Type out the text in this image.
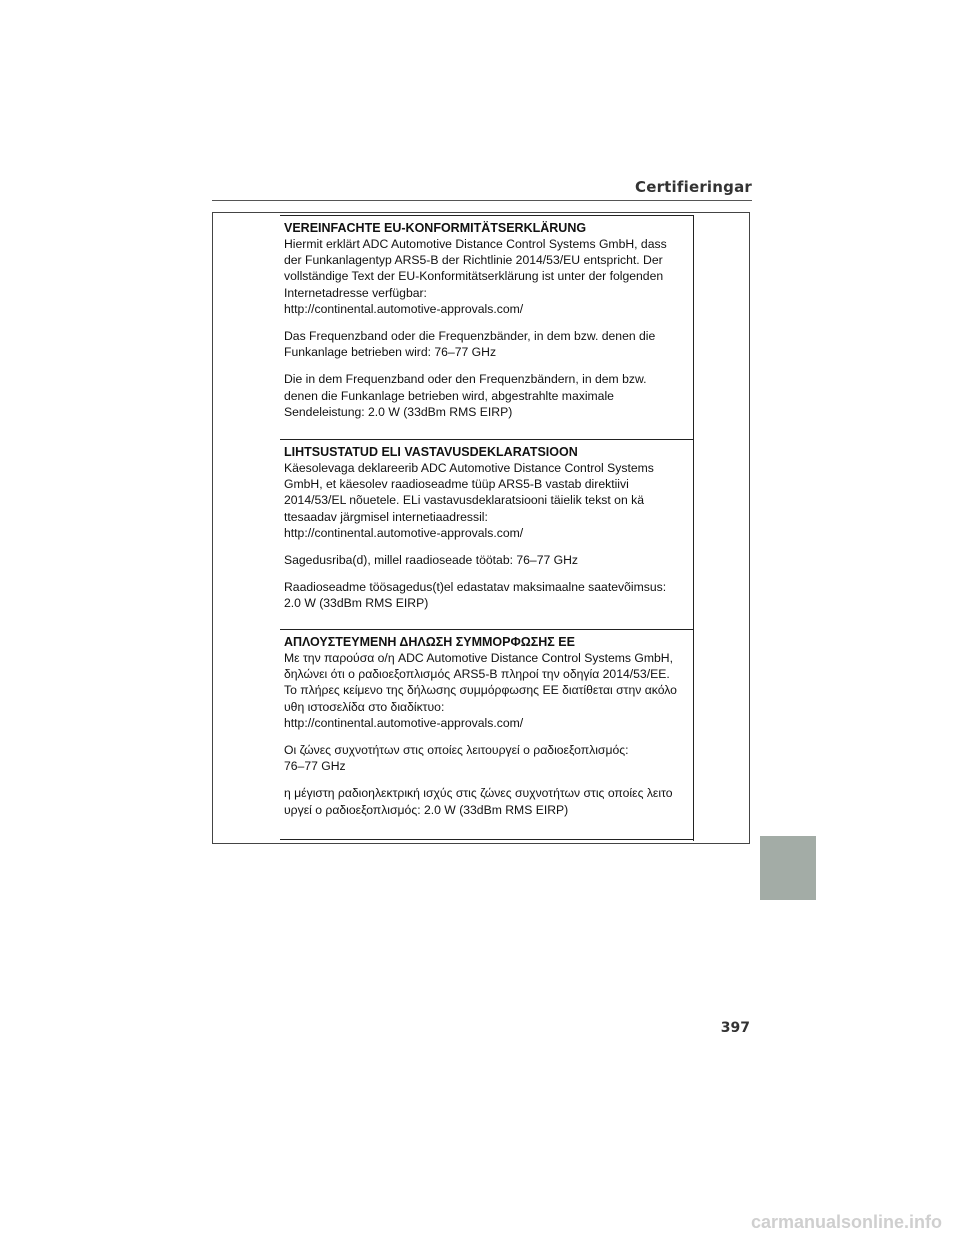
Certifieringar
VEREINFACHTE EU-KONFORMITÄTSERKLÄRUNG
Hiermit erklärt ADC Automotive Distance Control Systems GmbH, dass
der Funkanlagentyp ARS5-B der Richtlinie 2014/53/EU entspricht. Der
vollständige Text der EU-Konformitätserklärung ist unter der folgenden
Internetadresse verfügbar:
http://continental.automotive-approvals.com/
Das Frequenzband oder die Frequenzbänder, in dem bzw. denen die
Funkanlage betrieben wird: 76–77 GHz
Die in dem Frequenzband oder den Frequenzbändern, in dem bzw.
denen die Funkanlage betrieben wird, abgestrahlte maximale
Sendeleistung: 2.0 W (33dBm RMS EIRP)
LIHTSUSTATUD ELI VASTAVUSDEKLARATSIOON
Käesolevaga deklareerib ADC Automotive Distance Control Systems
GmbH, et käesolev raadioseadme tüüp ARS5-B vastab direktiivi
2014/53/EL nõuetele. ELi vastavusdeklaratsiooni täielik tekst on kä
ttesaadav järgmisel internetiaadressil:
http://continental.automotive-approvals.com/
Sagedusriba(d), millel raadioseade töötab: 76–77 GHz
Raadioseadme töösagedus(t)el edastatav maksimaalne saatevõimsus:
2.0 W (33dBm RMS EIRP)
ΑΠΛΟΥΣΤΕΥΜΕΝΗ ΔΗΛΩΣΗ ΣΥΜΜΟΡΦΩΣΗΣ ΕΕ
Με την παρούσα ο/η ADC Automotive Distance Control Systems GmbH,
δηλώνει ότι ο ραδιοεξοπλισμός ARS5-B πληροί την οδηγία 2014/53/ΕΕ.
Το πλήρες κείμενο της δήλωσης συμμόρφωσης ΕΕ διατίθεται στην ακόλο
υθη ιστοσελίδα στο διαδίκτυο:
http://continental.automotive-approvals.com/
Οι ζώνες συχνοτήτων στις οποίες λειτουργεί ο ραδιοεξοπλισμός:
76–77 GHz
η μέγιστη ραδιοηλεκτρική ισχύς στις ζώνες συχνοτήτων στις οποίες λειτο
υργεί ο ραδιοεξοπλισμός: 2.0 W (33dBm RMS EIRP)
397
carmanualsonline.info
